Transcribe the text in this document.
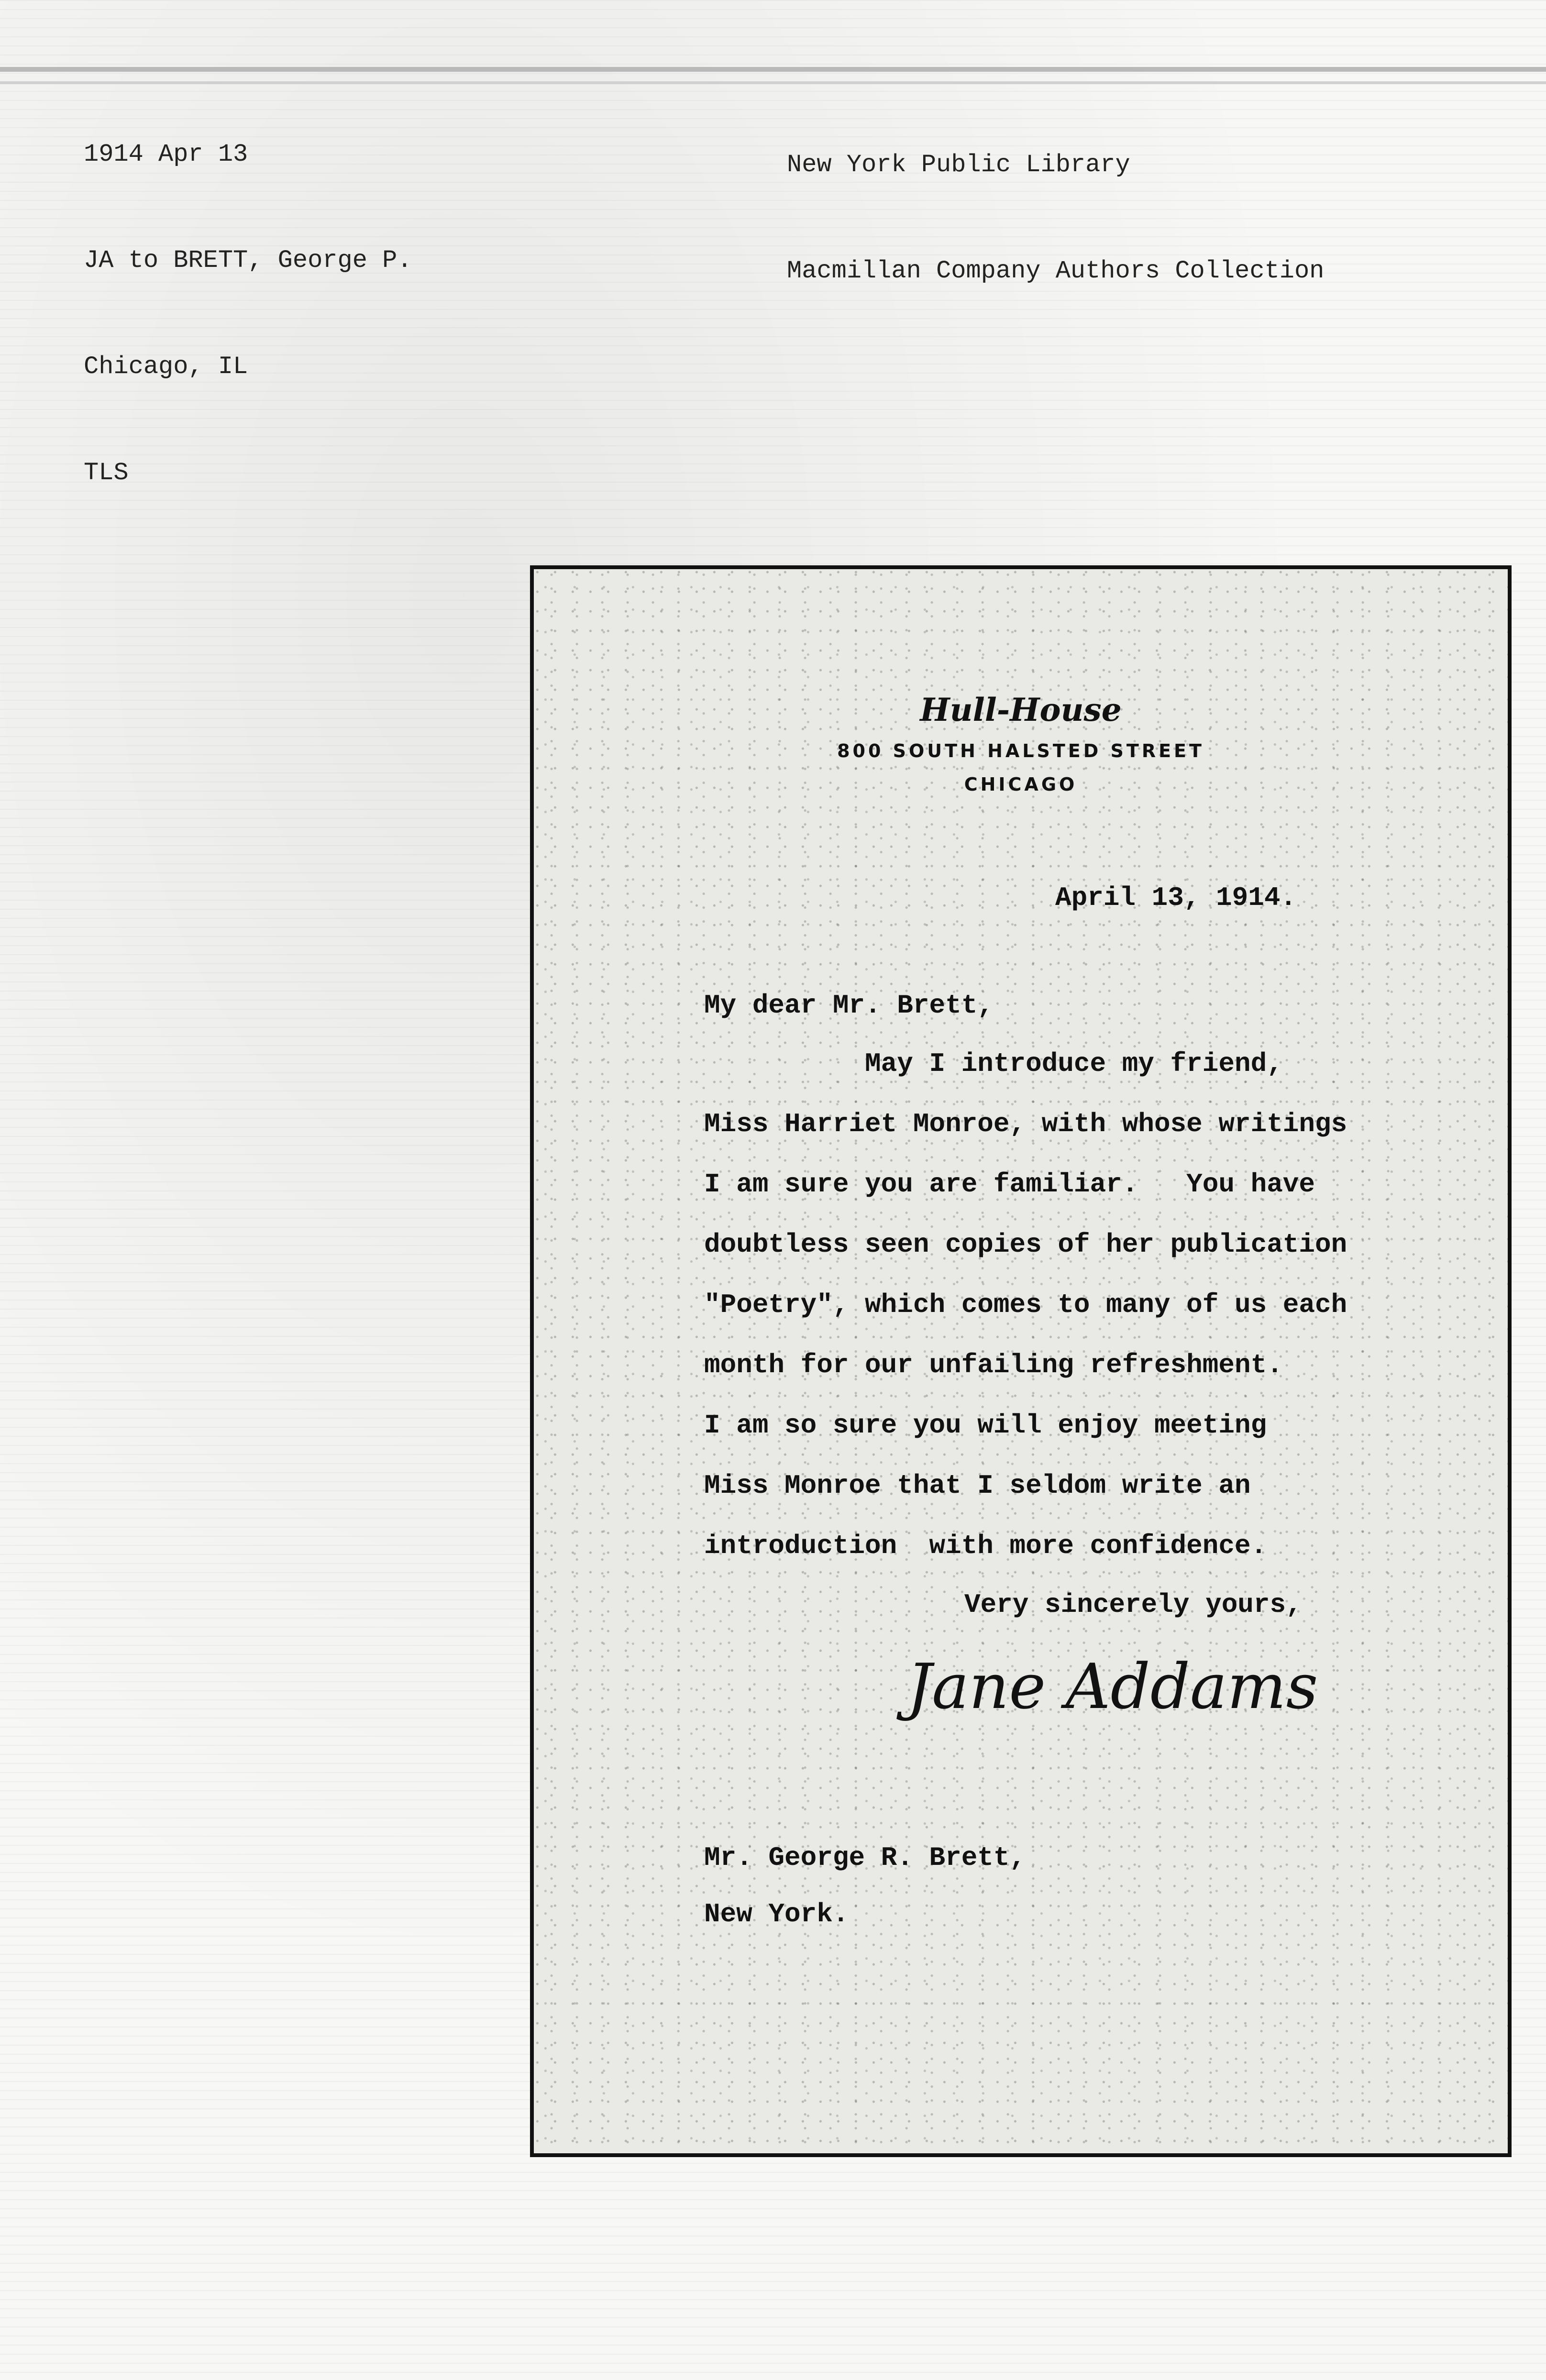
1914 Apr 13

JA to BRETT, George P.

Chicago, IL

TLS

New York Public Library

Macmillan Company Authors Collection

Hull-House
800 SOUTH HALSTED STREET
CHICAGO
April 13, 1914.
My dear Mr. Brett,
May I introduce my friend,
Miss Harriet Monroe, with whose writings
I am sure you are familiar.   You have
doubtless seen copies of her publication
"Poetry", which comes to many of us each
month for our unfailing refreshment.
I am so sure you will enjoy meeting
Miss Monroe that I seldom write an
introduction  with more confidence.
Very sincerely yours,
Jane Addams
Mr. George R. Brett,
New York.
